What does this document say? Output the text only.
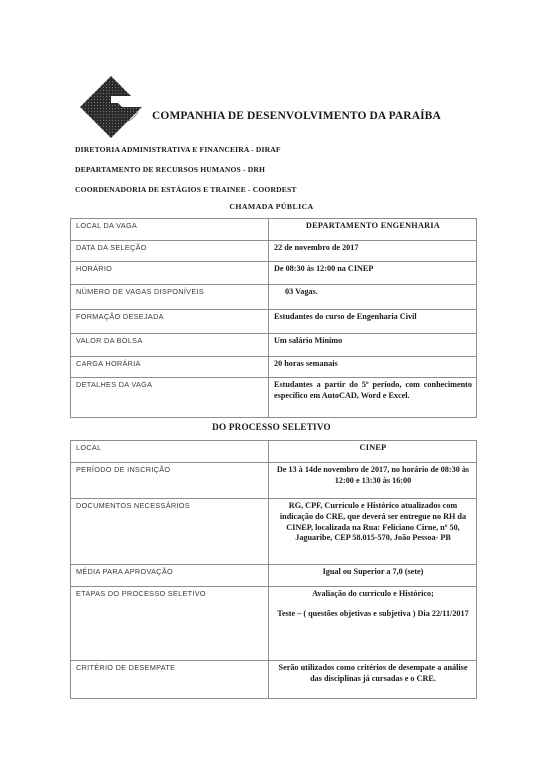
COMPANHIA DE DESENVOLVIMENTO DA PARAÍBA
DIRETORIA ADMINISTRATIVA E FINANCEIRA - DIRAF
DEPARTAMENTO DE RECURSOS HUMANOS - DRH
COORDENADORIA DE ESTÁGIOS E TRAINEE - COORDEST
CHAMADA PÚBLICA
LOCAL DA VAGA	DEPARTAMENTO ENGENHARIA
DATA DA SELEÇÃO	22 de novembro de 2017
HORÁRIO	De 08:30 às 12:00 na CINEP
NÚMERO DE VAGAS DISPONÍVEIS	03 Vagas.
FORMAÇÃO DESEJADA	Estudantes do curso de Engenharia Civil
VALOR DA BOLSA	Um salário Mínimo
CARGA HORÁRIA	20 horas semanais
DETALHES DA VAGA	Estudantes a partir do 5º período, com conhecimento específico em AutoCAD, Word e Excel.
DO PROCESSO SELETIVO
LOCAL	CINEP
PERÍODO DE INSCRIÇÃO	De 13 à 14de novembro de 2017, no horário de 08:30 às 12:00 e 13:30 às 16:00
DOCUMENTOS NECESSÁRIOS	RG, CPF, Currículo e Histórico atualizados com indicação do CRE, que deverá ser entregue no RH da CINEP, localizada na Rua: Feliciano Cirne, nº 50, Jaguaribe, CEP 58.015-570, João Pessoa- PB
MÉDIA PARA APROVAÇÃO	Igual ou Superior a 7,0 (sete)
ETAPAS DO PROCESSO SELETIVO	Avaliação do currículo e Histórico;

Teste – ( questões objetivas e subjetiva ) Dia 22/11/2017

CRITÉRIO DE DESEMPATE	Serão utilizados como critérios de desempate a análise das disciplinas já cursadas e o CRE.
